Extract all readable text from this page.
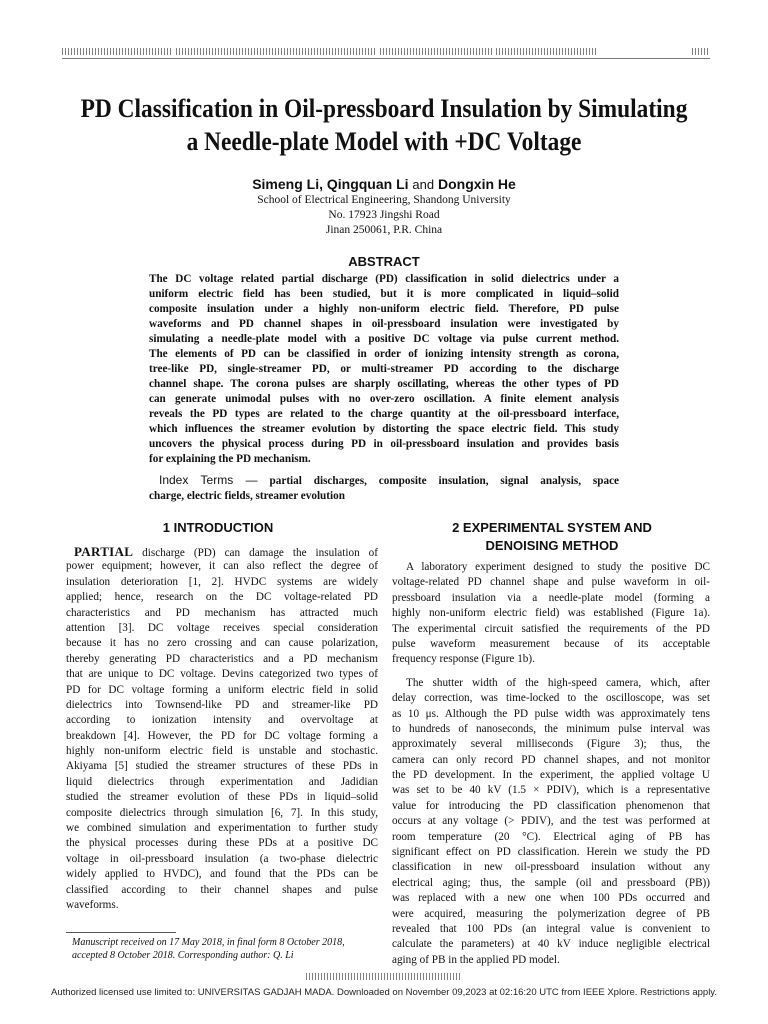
PD Classification in Oil-pressboard Insulation by Simulating
a Needle-plate Model with +DC Voltage
Simeng Li, Qingquan Li and Dongxin He
School of Electrical Engineering, Shandong University
No. 17923 Jingshi Road
Jinan 250061, P.R. China
ABSTRACT
The DC voltage related partial discharge (PD) classification in solid dielectrics under a
uniform electric field has been studied, but it is more complicated in liquid–solid
composite insulation under a highly non-uniform electric field. Therefore, PD pulse
waveforms and PD channel shapes in oil-pressboard insulation were investigated by
simulating a needle-plate model with a positive DC voltage via pulse current method.
The elements of PD can be classified in order of ionizing intensity strength as corona,
tree-like PD, single-streamer PD, or multi-streamer PD according to the discharge
channel shape. The corona pulses are sharply oscillating, whereas the other types of PD
can generate unimodal pulses with no over-zero oscillation. A finite element analysis
reveals the PD types are related to the charge quantity at the oil-pressboard interface,
which influences the streamer evolution by distorting the space electric field. This study
uncovers the physical process during PD in oil-pressboard insulation and provides basis
for explaining the PD mechanism.
Index Terms — partial discharges, composite insulation, signal analysis, space
charge, electric fields, streamer evolution
1 INTRODUCTION
PARTIAL discharge (PD) can damage the insulation of
power equipment; however, it can also reflect the degree of
insulation deterioration [1, 2]. HVDC systems are widely
applied; hence, research on the DC voltage-related PD
characteristics and PD mechanism has attracted much
attention [3]. DC voltage receives special consideration
because it has no zero crossing and can cause polarization,
thereby generating PD characteristics and a PD mechanism
that are unique to DC voltage. Devins categorized two types of
PD for DC voltage forming a uniform electric field in solid
dielectrics into Townsend-like PD and streamer-like PD
according to ionization intensity and overvoltage at
breakdown [4]. However, the PD for DC voltage forming a
highly non-uniform electric field is unstable and stochastic.
Akiyama [5] studied the streamer structures of these PDs in
liquid dielectrics through experimentation and Jadidian
studied the streamer evolution of these PDs in liquid–solid
composite dielectrics through simulation [6, 7]. In this study,
we combined simulation and experimentation to further study
the physical processes during these PDs at a positive DC
voltage in oil-pressboard insulation (a two-phase dielectric
widely applied to HVDC), and found that the PDs can be
classified according to their channel shapes and pulse
waveforms.
2 EXPERIMENTAL SYSTEM AND
DENOISING METHOD
A laboratory experiment designed to study the positive DC
voltage-related PD channel shape and pulse waveform in oil-
pressboard insulation via a needle-plate model (forming a
highly non-uniform electric field) was established (Figure 1a).
The experimental circuit satisfied the requirements of the PD
pulse waveform measurement because of its acceptable
frequency response (Figure 1b).
The shutter width of the high-speed camera, which, after
delay correction, was time-locked to the oscilloscope, was set
as 10 μs. Although the PD pulse width was approximately tens
to hundreds of nanoseconds, the minimum pulse interval was
approximately several milliseconds (Figure 3); thus, the
camera can only record PD channel shapes, and not monitor
the PD development. In the experiment, the applied voltage U
was set to be 40 kV (1.5 × PDIV), which is a representative
value for introducing the PD classification phenomenon that
occurs at any voltage (> PDIV), and the test was performed at
room temperature (20 °C). Electrical aging of PB has
significant effect on PD classification. Herein we study the PD
classification in new oil-pressboard insulation without any
electrical aging; thus, the sample (oil and pressboard (PB))
was replaced with a new one when 100 PDs occurred and
were acquired, measuring the polymerization degree of PB
revealed that 100 PDs (an integral value is convenient to
calculate the parameters) at 40 kV induce negligible electrical
aging of PB in the applied PD model.
Manuscript received on 17 May 2018, in final form 8 October 2018,
accepted 8 October 2018. Corresponding author: Q. Li
Authorized licensed use limited to: UNIVERSITAS GADJAH MADA. Downloaded on November 09,2023 at 02:16:20 UTC from IEEE Xplore. Restrictions apply.
